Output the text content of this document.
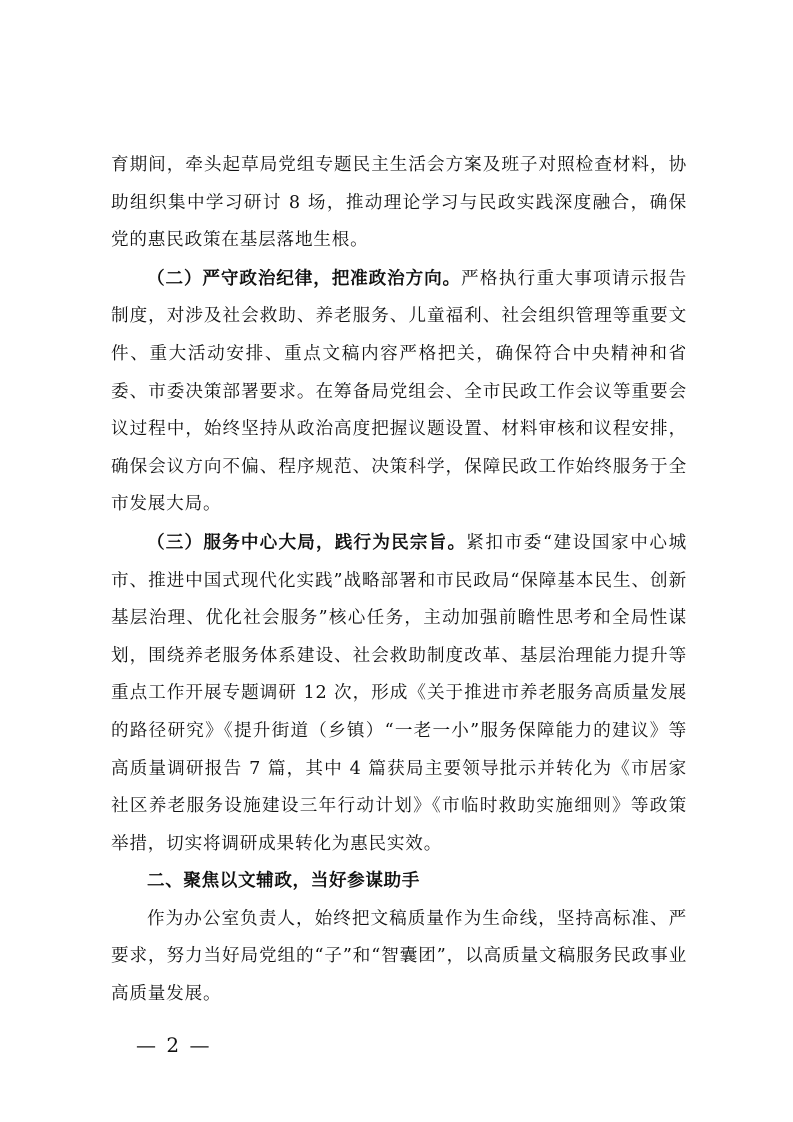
育期间，牵头起草局党组专题民主生活会方案及班子对照检查材料，协助组织集中学习研讨 8 场，推动理论学习与民政实践深度融合，确保党的惠民政策在基层落地生根。

（二）严守政治纪律，把准政治方向。严格执行重大事项请示报告制度，对涉及社会救助、养老服务、儿童福利、社会组织管理等重要文件、重大活动安排、重点文稿内容严格把关，确保符合中央精神和省委、市委决策部署要求。在筹备局党组会、全市民政工作会议等重要会议过程中，始终坚持从政治高度把握议题设置、材料审核和议程安排，确保会议方向不偏、程序规范、决策科学，保障民政工作始终服务于全市发展大局。

（三）服务中心大局，践行为民宗旨。紧扣市委“建设国家中心城市、推进中国式现代化实践”战略部署和市民政局“保障基本民生、创新基层治理、优化社会服务”核心任务，主动加强前瞻性思考和全局性谋划，围绕养老服务体系建设、社会救助制度改革、基层治理能力提升等重点工作开展专题调研 12 次，形成《关于推进市养老服务高质量发展的路径研究》《提升街道（乡镇）“一老一小”服务保障能力的建议》等高质量调研报告 7 篇，其中 4 篇获局主要领导批示并转化为《市居家社区养老服务设施建设三年行动计划》《市临时救助实施细则》等政策举措，切实将调研成果转化为惠民实效。

二、聚焦以文辅政，当好参谋助手

作为办公室负责人，始终把文稿质量作为生命线，坚持高标准、严要求，努力当好局党组的“子”和“智囊团”，以高质量文稿服务民政事业高质量发展。

— 2 —
